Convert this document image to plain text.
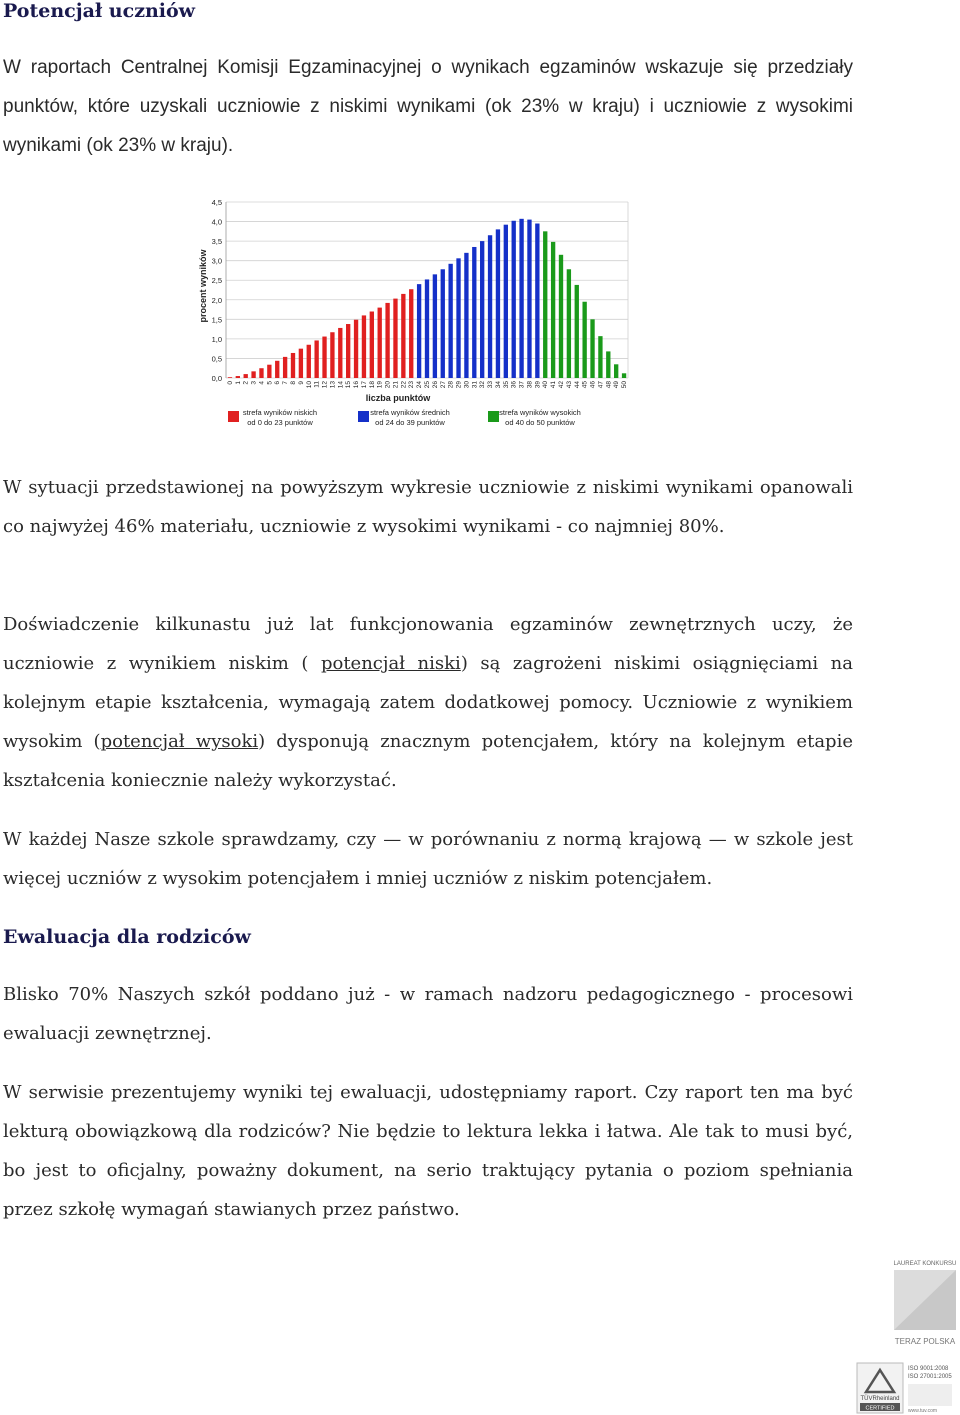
Potencjał uczniów

W raportach Centralnej Komisji Egzaminacyjnej o wynikach egzaminów wskazuje się przedziały punktów, które uzyskali uczniowie z niskimi wynikami (ok 23% w kraju) i uczniowie z wysokimi wynikami (ok 23% w kraju).

0,0
0,5
1,0
1,5
2,0
2,5
3,0
3,5
4,0
4,5
0 1 2 3 4 5 6 7 8 9 10 11 12 13 14 15 16 17 18 19 20 21 22 23 24 25 26 27 28 29 30 31 32 33 34 35 36 37 38 39 40 41 42 43 44 45 46 47 48 49 50
procent wyników
liczba punktów
strefa wyników niskich
od 0 do 23 punktów
strefa wyników średnich
od 24 do 39 punktów
strefa wyników wysokich
od 40 do 50 punktów

W sytuacji przedstawionej na powyższym wykresie uczniowie z niskimi wynikami opanowali co najwyżej 46% materiału, uczniowie z wysokimi wynikami - co najmniej 80%.

Doświadczenie kilkunastu już lat funkcjonowania egzaminów zewnętrznych uczy, że uczniowie z wynikiem niskim ( potencjał niski) są zagrożeni niskimi osiągnięciami na kolejnym etapie kształcenia, wymagają zatem dodatkowej pomocy. Uczniowie z wynikiem wysokim (potencjał wysoki) dysponują znacznym potencjałem, który na kolejnym etapie kształcenia koniecznie należy wykorzystać.

W każdej Nasze szkole sprawdzamy, czy — w porównaniu z normą krajową — w szkole jest więcej uczniów z wysokim potencjałem i mniej uczniów z niskim potencjałem.

Ewaluacja dla rodziców

Blisko 70% Naszych szkół poddano już - w ramach nadzoru pedagogicznego - procesowi ewaluacji zewnętrznej.

W serwisie prezentujemy wyniki tej ewaluacji, udostępniamy raport. Czy raport ten ma być lekturą obowiązkową dla rodziców? Nie będzie to lektura lekka i łatwa. Ale tak to musi być, bo jest to oficjalny, poważny dokument, na serio traktujący pytania o poziom spełniania przez szkołę wymagań stawianych przez państwo.

LAUREAT KONKURSU
TERAZ POLSKA
TÜVRheinland
CERTIFIED
ISO 9001:2008
ISO 27001:2005
www.tuv.com
